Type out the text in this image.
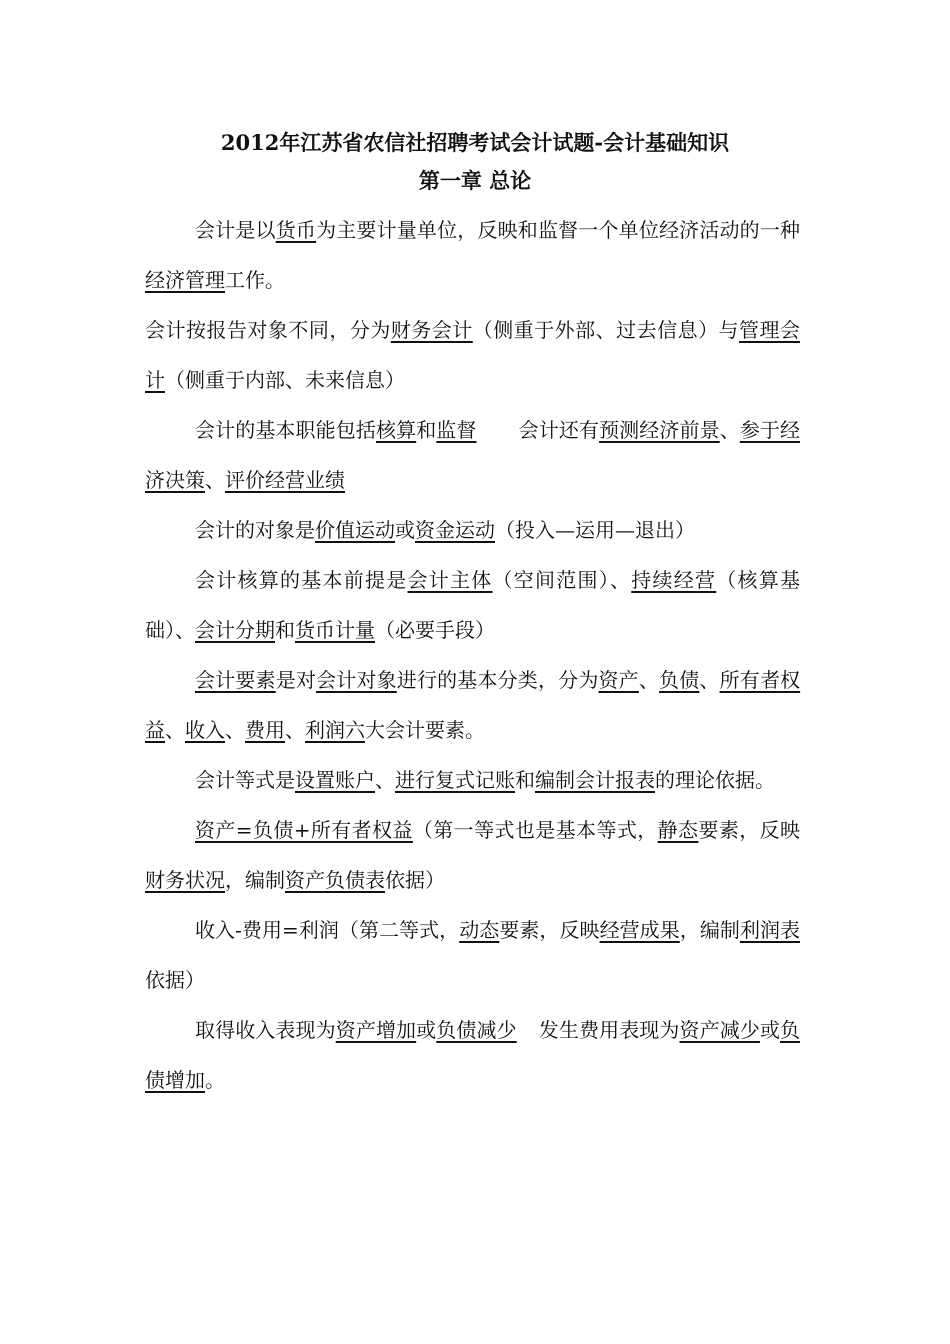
2012年江苏省农信社招聘考试会计试题-会计基础知识
第一章 总论

会计是以货币为主要计量单位，反映和监督一个单位经济活动的一种经济管理工作。

会计按报告对象不同，分为财务会计（侧重于外部、过去信息）与管理会计（侧重于内部、未来信息）

会计的基本职能包括核算和监督 会计还有预测经济前景、参于经济决策、评价经营业绩

会计的对象是价值运动或资金运动（投入—运用—退出）

会计核算的基本前提是会计主体（空间范围）、持续经营（核算基础）、会计分期和货币计量（必要手段）

会计要素是对会计对象进行的基本分类，分为资产、负债、所有者权益、收入、费用、利润六大会计要素。

会计等式是设置账户、进行复式记账和编制会计报表的理论依据。

资产=负债+所有者权益（第一等式也是基本等式，静态要素，反映财务状况，编制资产负债表依据）

收入-费用=利润（第二等式，动态要素，反映经营成果，编制利润表依据）

取得收入表现为资产增加或负债减少 发生费用表现为资产减少或负债增加。
